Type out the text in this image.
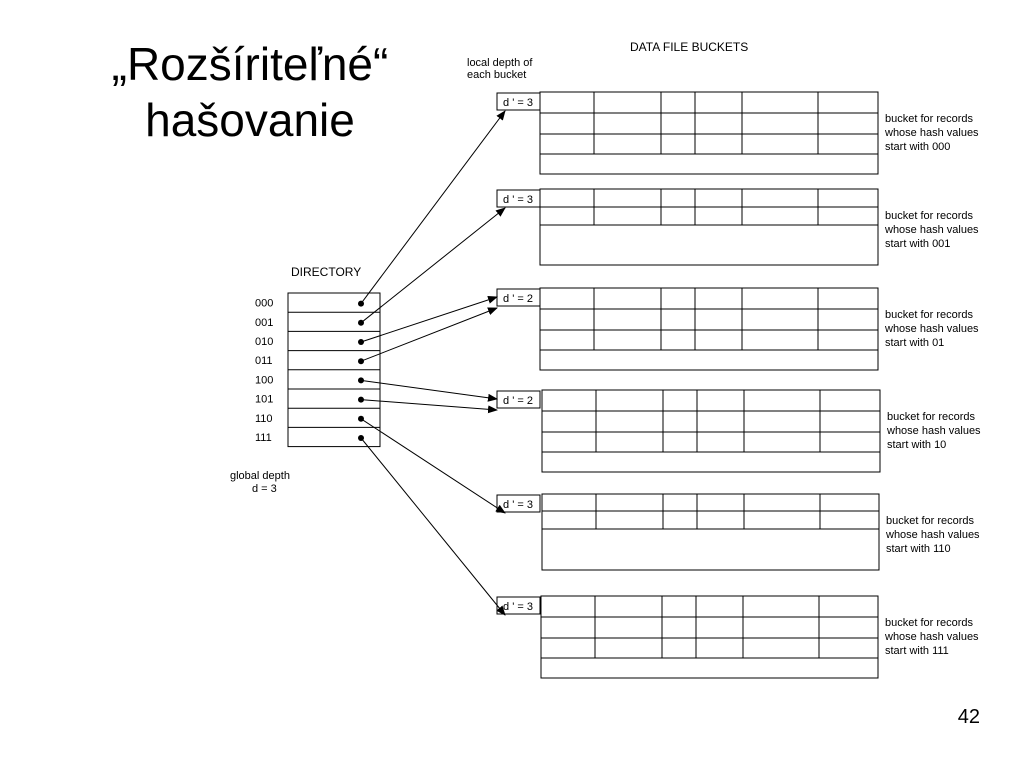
„Rozšíriteľné“
hašovanie
DATA FILE BUCKETS
local depth of
each bucket
DIRECTORY
global depth
d = 3
000
001
010
011
100
101
110
111
d ' = 3
bucket for records
whose hash values
start with 000
d ' = 3
bucket for records
whose hash values
start with 001
d ' = 2
bucket for records
whose hash values
start with 01
d ' = 2
bucket for records
whose hash values
start with 10
d ' = 3
bucket for records
whose hash values
start with 110
d ' = 3
bucket for records
whose hash values
start with 111
42
